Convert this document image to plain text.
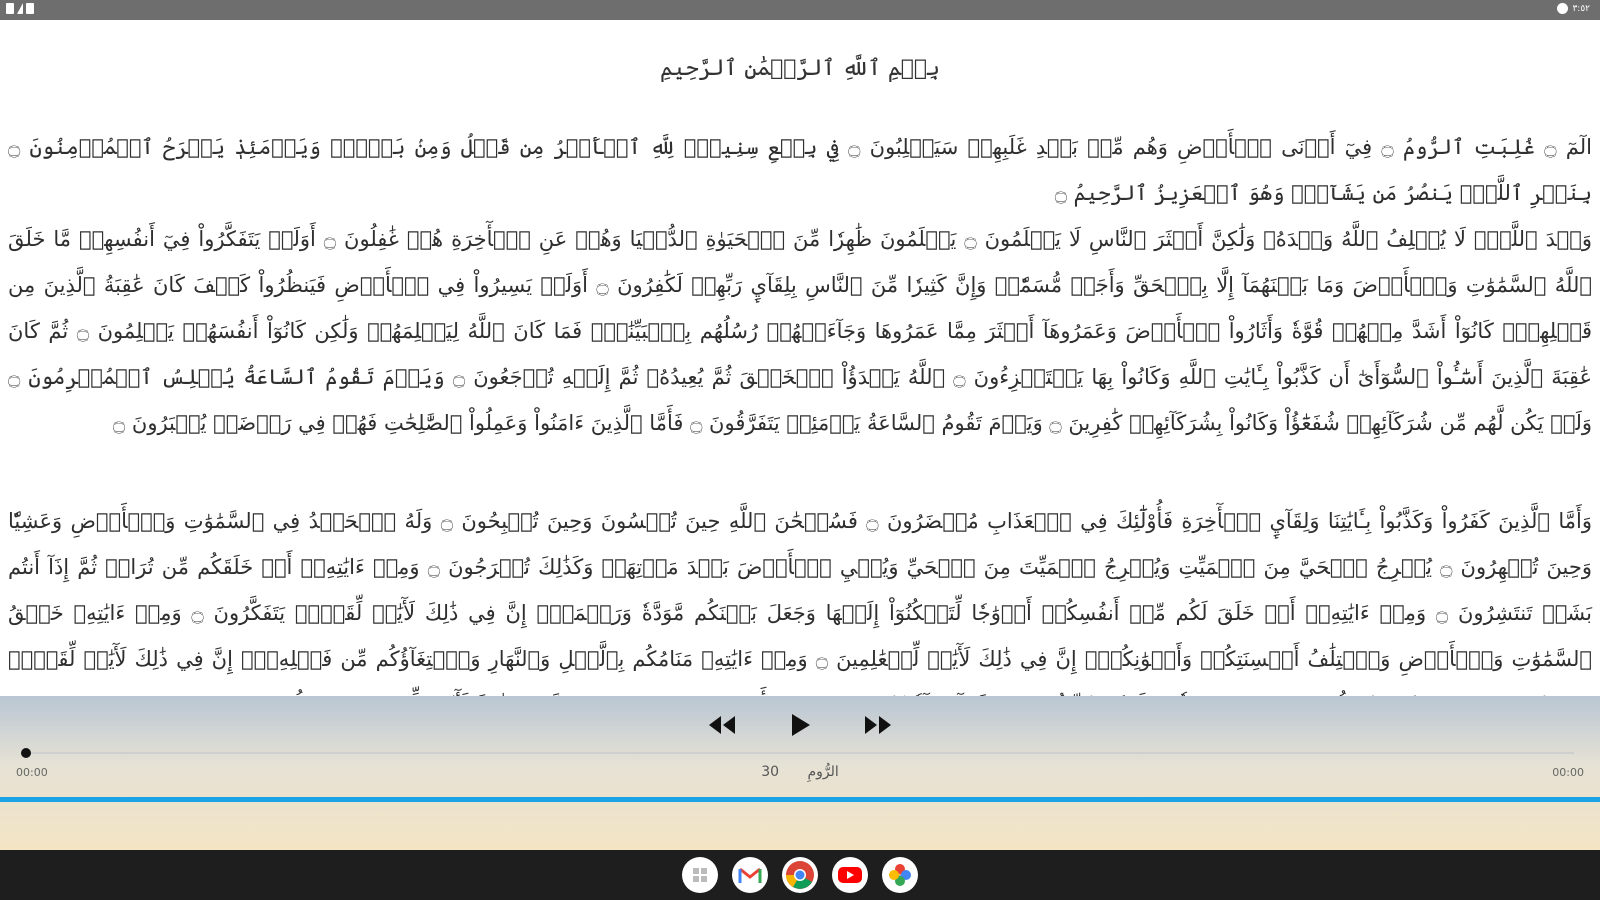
٣:٥٢
بِسۡمِ ٱللَّهِ ٱلرَّحۡمَٰنِ ٱلرَّحِيمِ
الٓمٓ ۝ غُلِبَتِ ٱلرُّومُ ۝ فِيٓ أَدۡنَى ٱلۡأَرۡضِ وَهُم مِّنۢ بَعۡدِ غَلَبِهِمۡ سَيَغۡلِبُونَ ۝ فِي بِضۡعِ سِنِينَۗ لِلَّهِ ٱلۡأَمۡرُ مِن قَبۡلُ وَمِنۢ بَعۡدُۚ وَيَوۡمَئِذٖ يَفۡرَحُ ٱلۡمُؤۡمِنُونَ ۝ بِنَصۡرِ ٱللَّهِۚ يَنصُرُ مَن يَشَآءُۖ وَهُوَ ٱلۡعَزِيزُ ٱلرَّحِيمُ ۝
وَعۡدَ ٱللَّهِۖ لَا يُخۡلِفُ ٱللَّهُ وَعۡدَهُۥ وَلَٰكِنَّ أَكۡثَرَ ٱلنَّاسِ لَا يَعۡلَمُونَ ۝ يَعۡلَمُونَ ظَٰهِرٗا مِّنَ ٱلۡحَيَوٰةِ ٱلدُّنۡيَا وَهُمۡ عَنِ ٱلۡأٓخِرَةِ هُمۡ غَٰفِلُونَ ۝ أَوَلَمۡ يَتَفَكَّرُواْ فِيٓ أَنفُسِهِمۗ مَّا خَلَقَ ٱللَّهُ ٱلسَّمَٰوَٰتِ وَٱلۡأَرۡضَ وَمَا بَيۡنَهُمَآ إِلَّا بِٱلۡحَقِّ وَأَجَلٖ مُّسَمّٗىۗ وَإِنَّ كَثِيرٗا مِّنَ ٱلنَّاسِ بِلِقَآيِٕ رَبِّهِمۡ لَكَٰفِرُونَ ۝ أَوَلَمۡ يَسِيرُواْ فِي ٱلۡأَرۡضِ فَيَنظُرُواْ كَيۡفَ كَانَ عَٰقِبَةُ ٱلَّذِينَ مِن قَبۡلِهِمۡۚ كَانُوٓاْ أَشَدَّ مِنۡهُمۡ قُوَّةٗ وَأَثَارُواْ ٱلۡأَرۡضَ وَعَمَرُوهَآ أَكۡثَرَ مِمَّا عَمَرُوهَا وَجَآءَتۡهُمۡ رُسُلُهُم بِٱلۡبَيِّنَٰتِۖ فَمَا كَانَ ٱللَّهُ لِيَظۡلِمَهُمۡ وَلَٰكِن كَانُوٓاْ أَنفُسَهُمۡ يَظۡلِمُونَ ۝ ثُمَّ كَانَ عَٰقِبَةَ ٱلَّذِينَ أَسَٰٓـُٔواْ ٱلسُّوٓأَىٰٓ أَن كَذَّبُواْ بِـَٔايَٰتِ ٱللَّهِ وَكَانُواْ بِهَا يَسۡتَهۡزِءُونَ ۝ ٱللَّهُ يَبۡدَؤُاْ ٱلۡخَلۡقَ ثُمَّ يُعِيدُهُۥ ثُمَّ إِلَيۡهِ تُرۡجَعُونَ ۝ وَيَوۡمَ تَقُومُ ٱلسَّاعَةُ يُبۡلِسُ ٱلۡمُجۡرِمُونَ ۝ وَلَمۡ يَكُن لَّهُم مِّن شُرَكَآئِهِمۡ شُفَعَٰٓؤُاْ وَكَانُواْ بِشُرَكَآئِهِمۡ كَٰفِرِينَ ۝ وَيَوۡمَ تَقُومُ ٱلسَّاعَةُ يَوۡمَئِذٖ يَتَفَرَّقُونَ ۝ فَأَمَّا ٱلَّذِينَ ءَامَنُواْ وَعَمِلُواْ ٱلصَّٰلِحَٰتِ فَهُمۡ فِي رَوۡضَةٖ يُحۡبَرُونَ ۝
وَأَمَّا ٱلَّذِينَ كَفَرُواْ وَكَذَّبُواْ بِـَٔايَٰتِنَا وَلِقَآيِٕ ٱلۡأٓخِرَةِ فَأُوْلَٰٓئِكَ فِي ٱلۡعَذَابِ مُحۡضَرُونَ ۝ فَسُبۡحَٰنَ ٱللَّهِ حِينَ تُمۡسُونَ وَحِينَ تُصۡبِحُونَ ۝ وَلَهُ ٱلۡحَمۡدُ فِي ٱلسَّمَٰوَٰتِ وَٱلۡأَرۡضِ وَعَشِيّٗا وَحِينَ تُظۡهِرُونَ ۝ يُخۡرِجُ ٱلۡحَيَّ مِنَ ٱلۡمَيِّتِ وَيُخۡرِجُ ٱلۡمَيِّتَ مِنَ ٱلۡحَيِّ وَيُحۡيِ ٱلۡأَرۡضَ بَعۡدَ مَوۡتِهَاۚ وَكَذَٰلِكَ تُخۡرَجُونَ ۝ وَمِنۡ ءَايَٰتِهِۦٓ أَنۡ خَلَقَكُم مِّن تُرَابٖ ثُمَّ إِذَآ أَنتُم بَشَرٞ تَنتَشِرُونَ ۝ وَمِنۡ ءَايَٰتِهِۦٓ أَنۡ خَلَقَ لَكُم مِّنۡ أَنفُسِكُمۡ أَزۡوَٰجٗا لِّتَسۡكُنُوٓاْ إِلَيۡهَا وَجَعَلَ بَيۡنَكُم مَّوَدَّةٗ وَرَحۡمَةًۚ إِنَّ فِي ذَٰلِكَ لَأٓيَٰتٖ لِّقَوۡمٖ يَتَفَكَّرُونَ ۝ وَمِنۡ ءَايَٰتِهِۦ خَلۡقُ ٱلسَّمَٰوَٰتِ وَٱلۡأَرۡضِ وَٱخۡتِلَٰفُ أَلۡسِنَتِكُمۡ وَأَلۡوَٰنِكُمۡۚ إِنَّ فِي ذَٰلِكَ لَأٓيَٰتٖ لِّلۡعَٰلِمِينَ ۝ وَمِنۡ ءَايَٰتِهِۦ مَنَامُكُم بِٱلَّيۡلِ وَٱلنَّهَارِ وَٱبۡتِغَآؤُكُم مِّن فَضۡلِهِۦٓۚ إِنَّ فِي ذَٰلِكَ لَأٓيَٰتٖ لِّقَوۡمٖ
00:00	30 الرُّومِ	00:00
